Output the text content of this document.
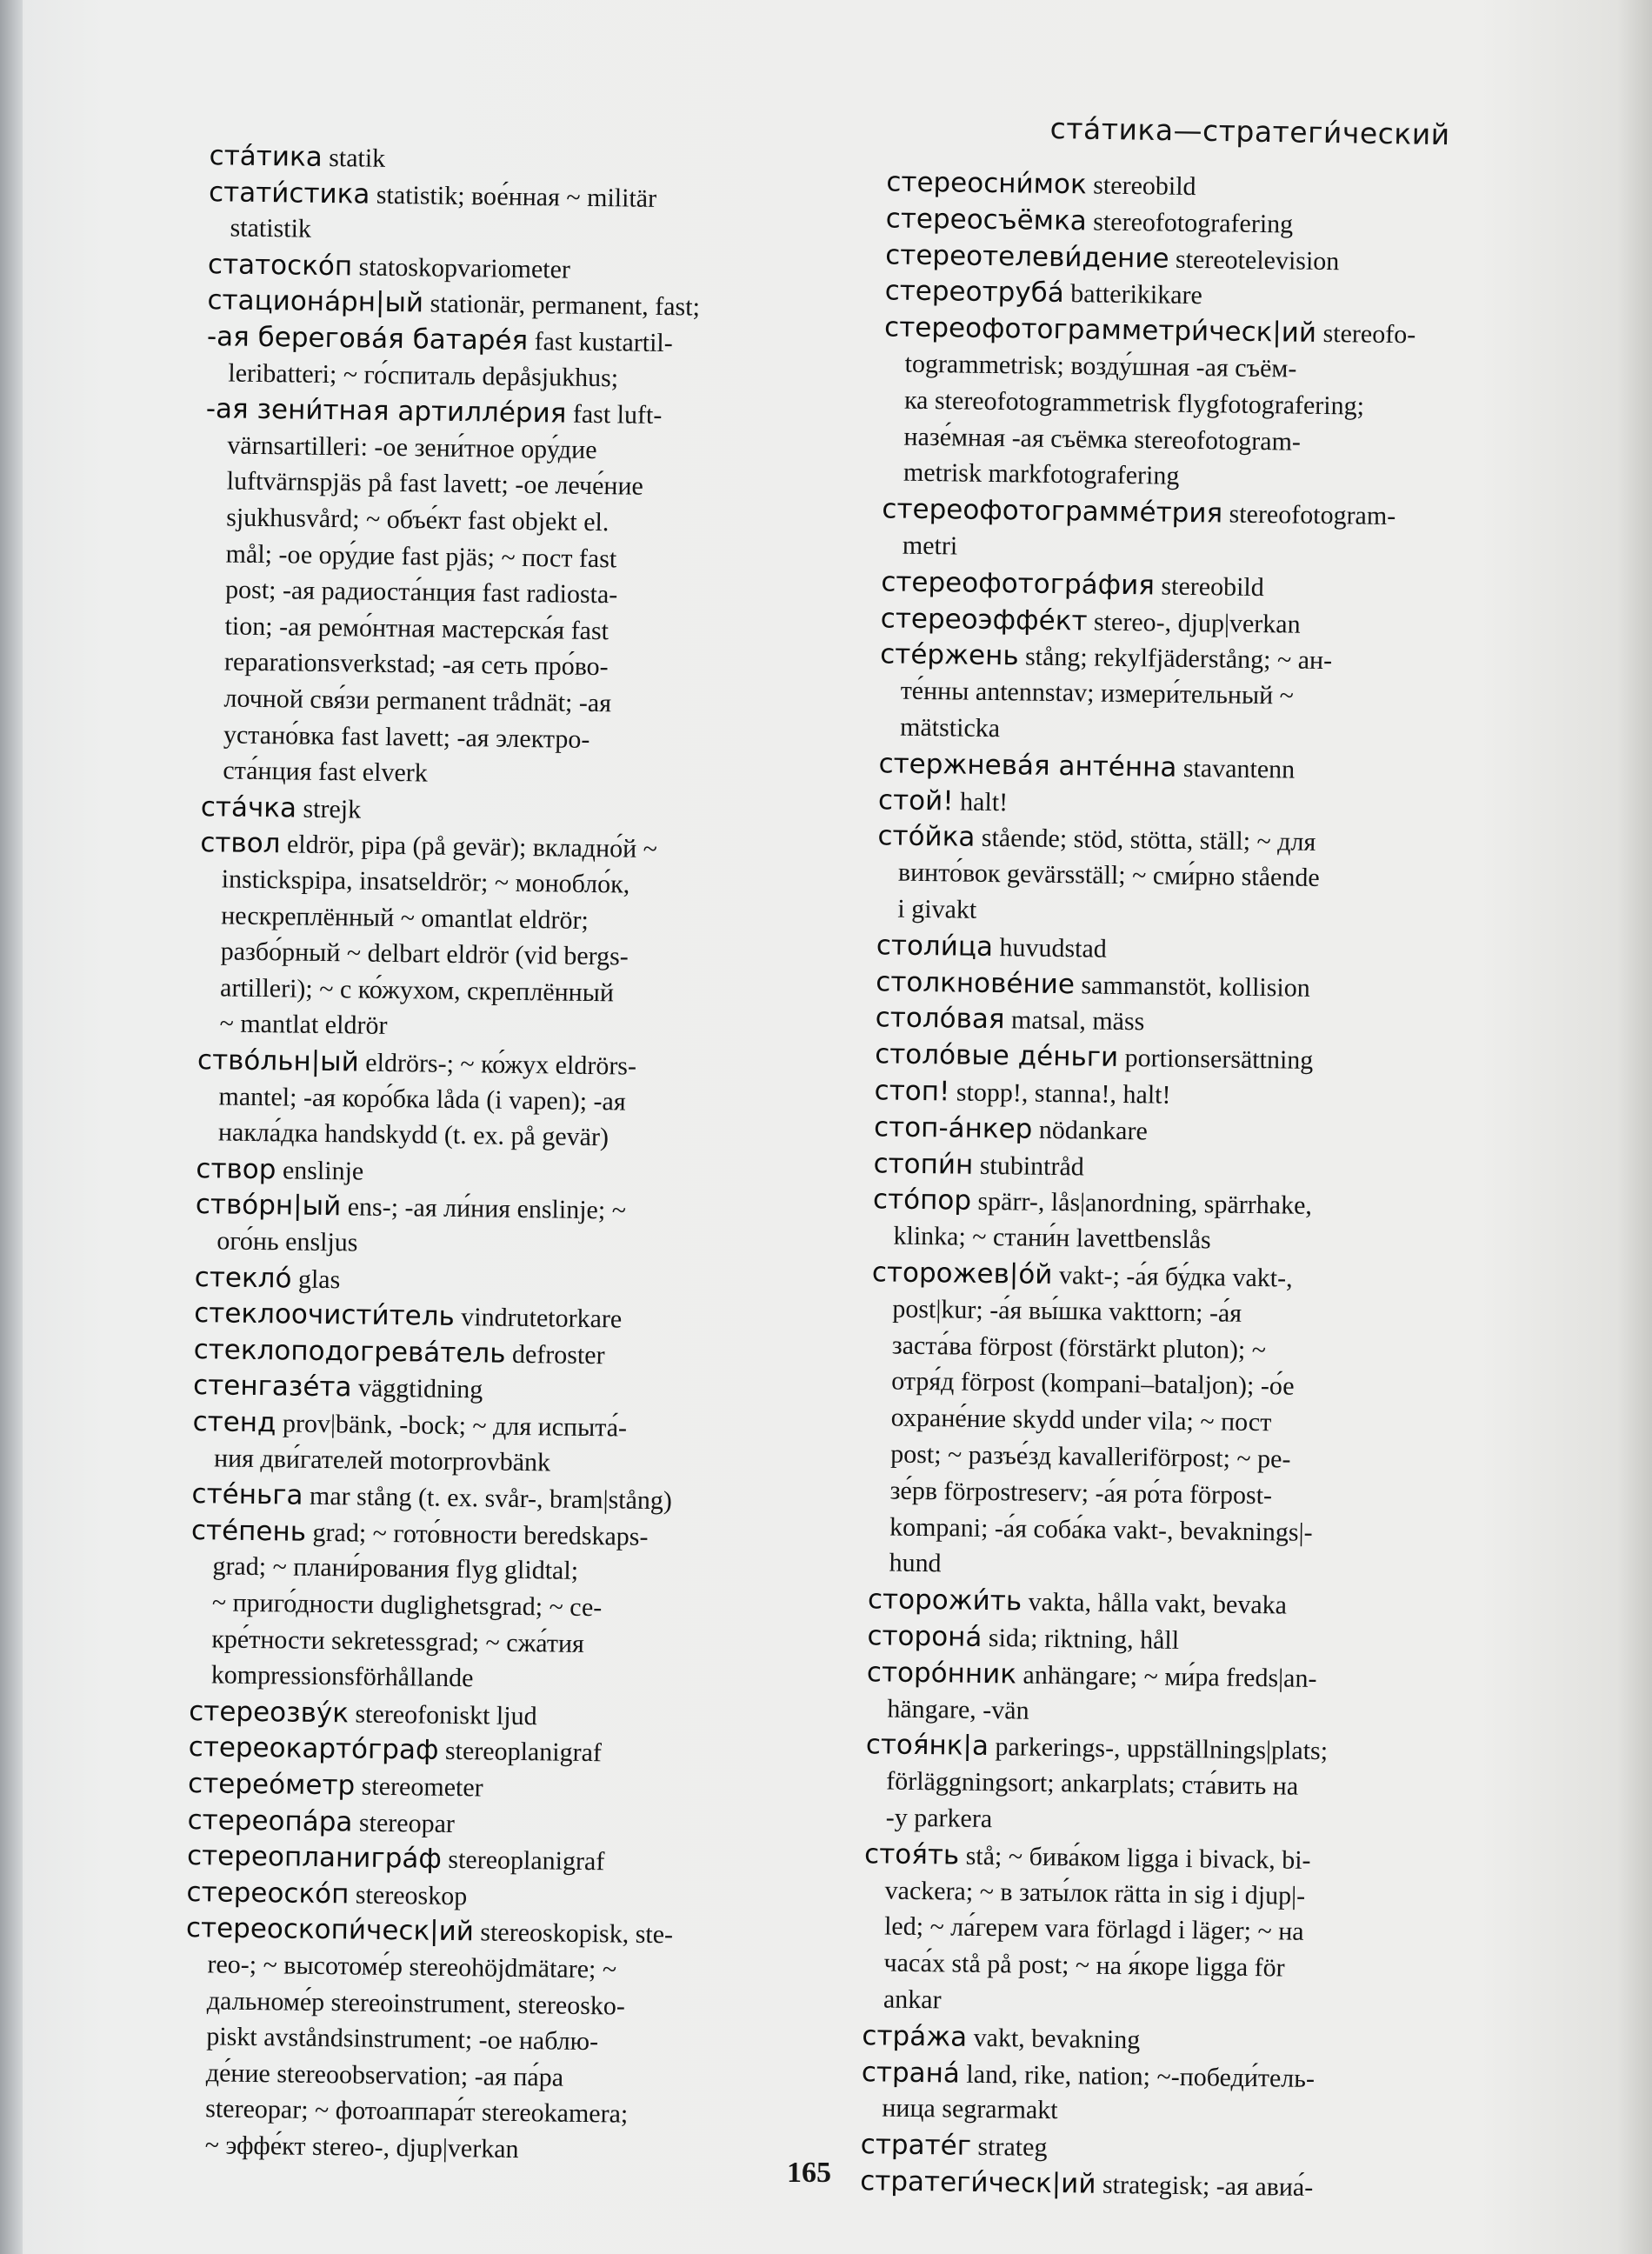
ста́тика—стратеги́ческий
ста́тика statik
стати́стика statistik; вое́нная ~ militär
statistik
статоско́п statoskopvariometer
стациона́рн|ый stationär, permanent, fast;
-ая берегова́я батаре́я fast kustartil-
leribatteri; ~ го́спиталь depåsjukhus;
-ая зени́тная артилле́рия fast luft-
värnsartilleri: -ое зени́тное ору́дие
luftvärnspjäs på fast lavett; -ое лече́ние
sjukhusvård; ~ объе́кт fast objekt el.
mål; -ое ору́дие fast pjäs; ~ пост fast
post; -ая радиоста́нция fast radiosta-
tion; -ая ремо́нтная мастерска́я fast
reparationsverkstad; -ая сеть про́во-
лочной свя́зи permanent trådnät; -ая
устано́вка fast lavett; -ая электро-
ста́нция fast elverk
ста́чка strejk
ствол eldrör, pipa (på gevär); вкладно́й ~
instickspipa, insatseldrör; ~ монобло́к,
нескреплённый ~ omantlat eldrör;
разбо́рный ~ delbart eldrör (vid bergs-
artilleri); ~ с ко́жухом, скреплённый
~ mantlat eldrör
ство́льн|ый eldrörs-; ~ ко́жух eldrörs-
mantel; -ая коро́бка låda (i vapen); -ая
накла́дка handskydd (t. ex. på gevär)
створ enslinje
ство́рн|ый ens-; -ая ли́ния enslinje; ~
ого́нь ensljus
стекло́ glas
стеклоочисти́тель vindrutetorkare
стеклоподогрева́тель defroster
стенгазе́та väggtidning
стенд prov|bänk, -bock; ~ для испыта́-
ния дви́гателей motorprovbänk
сте́ньга mar stång (t. ex. svår-, bram|stång)
сте́пень grad; ~ гото́вности beredskaps-
grad; ~ плани́рования flyg glidtal;
~ приго́дности duglighetsgrad; ~ се-
кре́тности sekretessgrad; ~ сжа́тия
kompressionsförhållande
стереозву́к stereofoniskt ljud
стереокарто́граф stereoplanigraf
стерео́метр stereometer
стереопа́ра stereopar
стереопланигра́ф stereoplanigraf
стереоско́п stereoskop
стереоскопи́ческ|ий stereoskopisk, ste-
reo-; ~ высотоме́р stereohöjdmätare; ~
дальноме́р stereoinstrument, stereosko-
piskt avståndsinstrument; -ое наблю-
де́ние stereoobservation; -ая па́ра
stereopar; ~ фотоаппара́т stereokamera;
~ эффе́кт stereo-, djup|verkan
стереосни́мок stereobild
стереосъёмка stereofotografering
стереотелеви́дение stereotelevision
стереотруба́ batterikikare
стереофотограмметри́ческ|ий stereofo-
togrammetrisk; возду́шная -ая съём-
ка stereofotogrammetrisk flygfotografering;
назе́мная -ая съёмка stereofotogram-
metrisk markfotografering
стереофотограмме́трия stereofotogram-
metri
стереофотогра́фия stereobild
стереоэффе́кт stereo-, djup|verkan
сте́ржень stång; rekylfjäderstång; ~ ан-
те́нны antennstav; измери́тельный ~
mätsticka
стержнева́я анте́нна stavantenn
стой! halt!
сто́йка stående; stöd, stötta, ställ; ~ для
винто́вок gevärsställ; ~ сми́рно stående
i givakt
столи́ца huvudstad
столкнове́ние sammanstöt, kollision
столо́вая matsal, mäss
столо́вые де́ньги portionsersättning
стоп! stopp!, stanna!, halt!
стоп-а́нкер nödankare
стопи́н stubintråd
сто́пор spärr-, lås|anordning, spärrhake,
klinka; ~ стани́н lavettbenslås
сторожев|о́й vakt-; -а́я бу́дка vakt-,
post|kur; -а́я вы́шка vakttorn; -а́я
заста́ва förpost (förstärkt pluton); ~
отря́д förpost (kompani–bataljon); -о́е
охране́ние skydd under vila; ~ пост
post; ~ разъе́зд kavalleriförpost; ~ ре-
зе́рв förpostreserv; -а́я ро́та förpost-
kompani; -а́я соба́ка vakt-, bevaknings|-
hund
сторожи́ть vakta, hålla vakt, bevaka
сторона́ sida; riktning, håll
сторо́нник anhängare; ~ ми́ра freds|an-
hängare, -vän
стоя́нк|а parkerings-, uppställnings|plats;
förläggningsort; ankarplats; ста́вить на
-у parkera
стоя́ть stå; ~ бива́ком ligga i bivack, bi-
vackera; ~ в заты́лок rätta in sig i djup|-
led; ~ ла́герем vara förlagd i läger; ~ на
часа́х stå på post; ~ на я́коре ligga för
ankar
стра́жа vakt, bevakning
страна́ land, rike, nation; ~-победи́тель-
ница segrarmakt
страте́г strateg
стратеги́ческ|ий strategisk; -ая авиа́-
165
